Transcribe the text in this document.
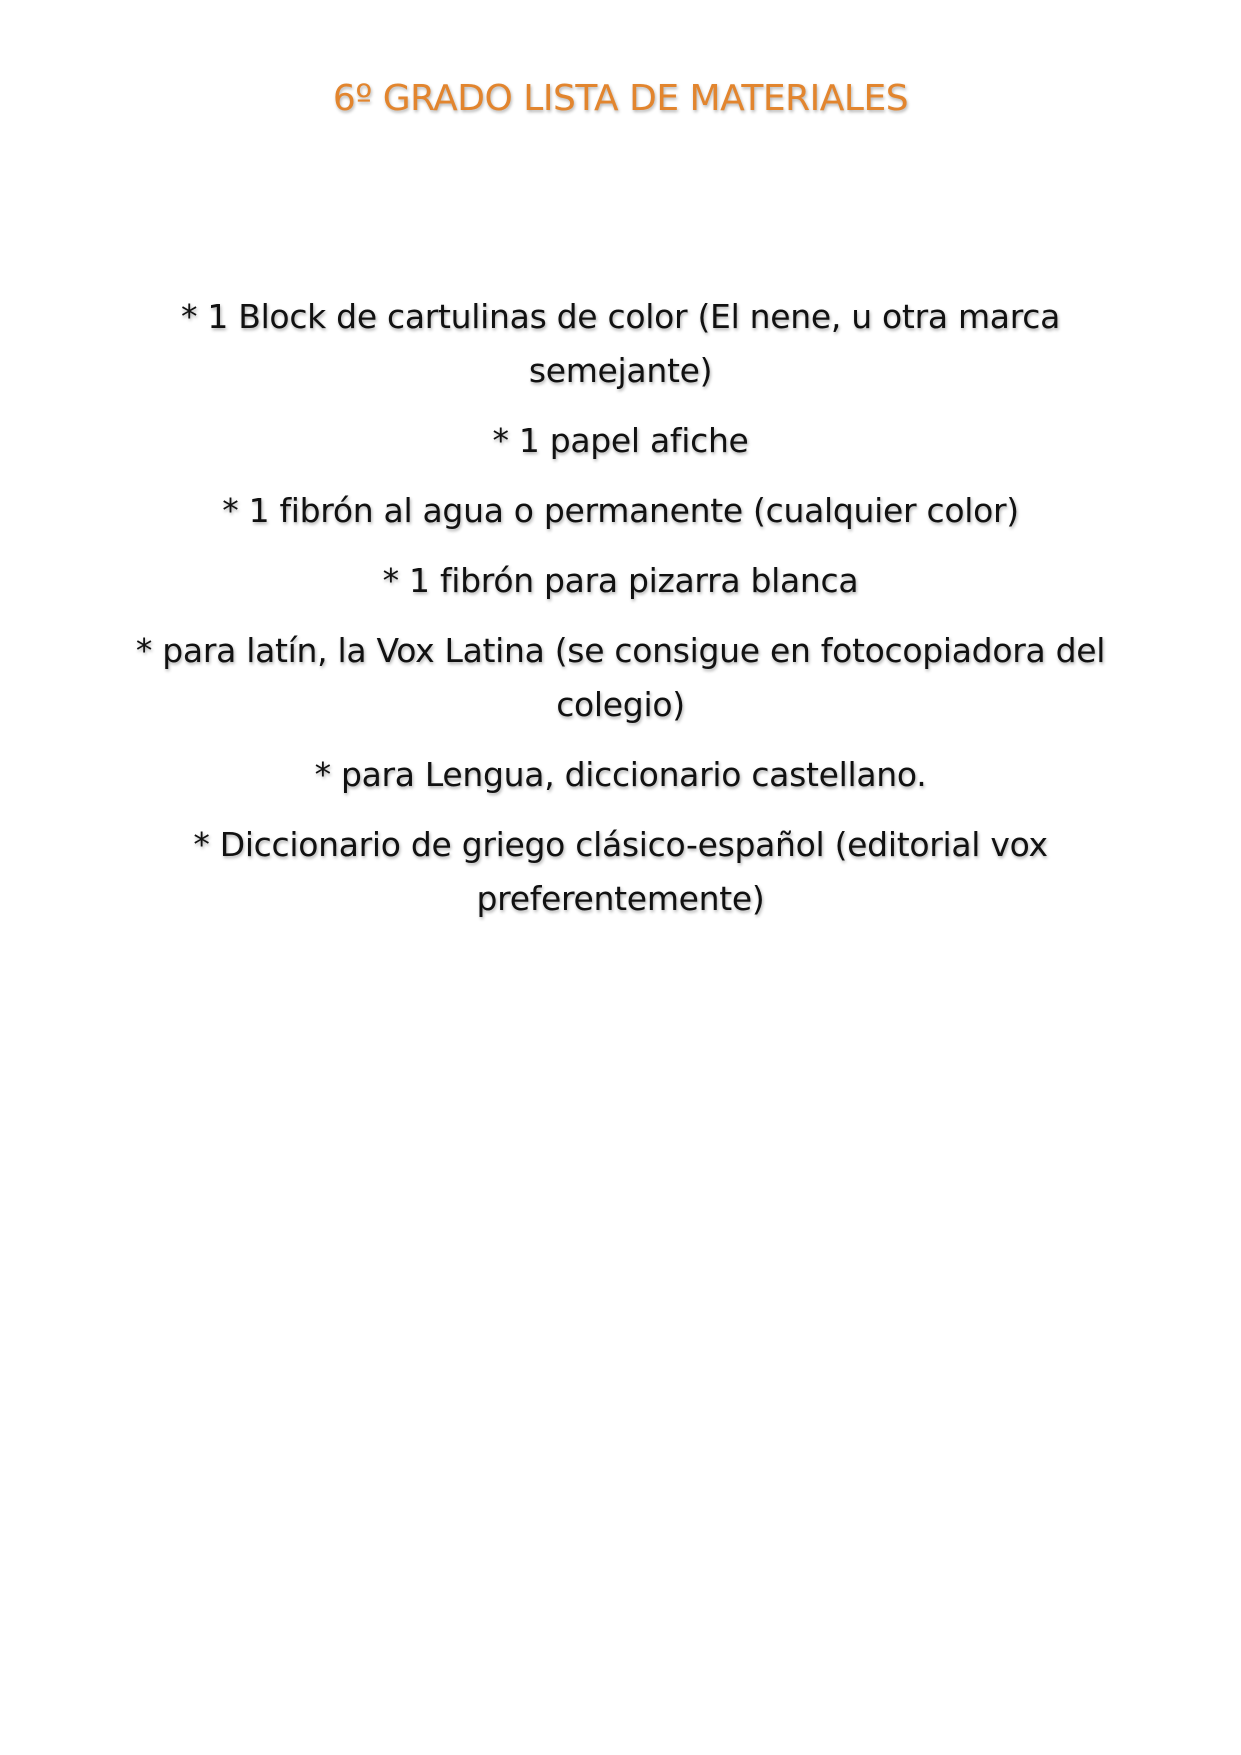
6º GRADO LISTA DE MATERIALES
* 1 Block de cartulinas de color (El nene, u otra marca semejante)
* 1 papel afiche
* 1 fibrón al agua o permanente (cualquier color)
* 1 fibrón para pizarra blanca
* para latín, la Vox Latina (se consigue en fotocopiadora del colegio)
* para Lengua, diccionario castellano.
* Diccionario de griego clásico-español (editorial vox preferentemente)
